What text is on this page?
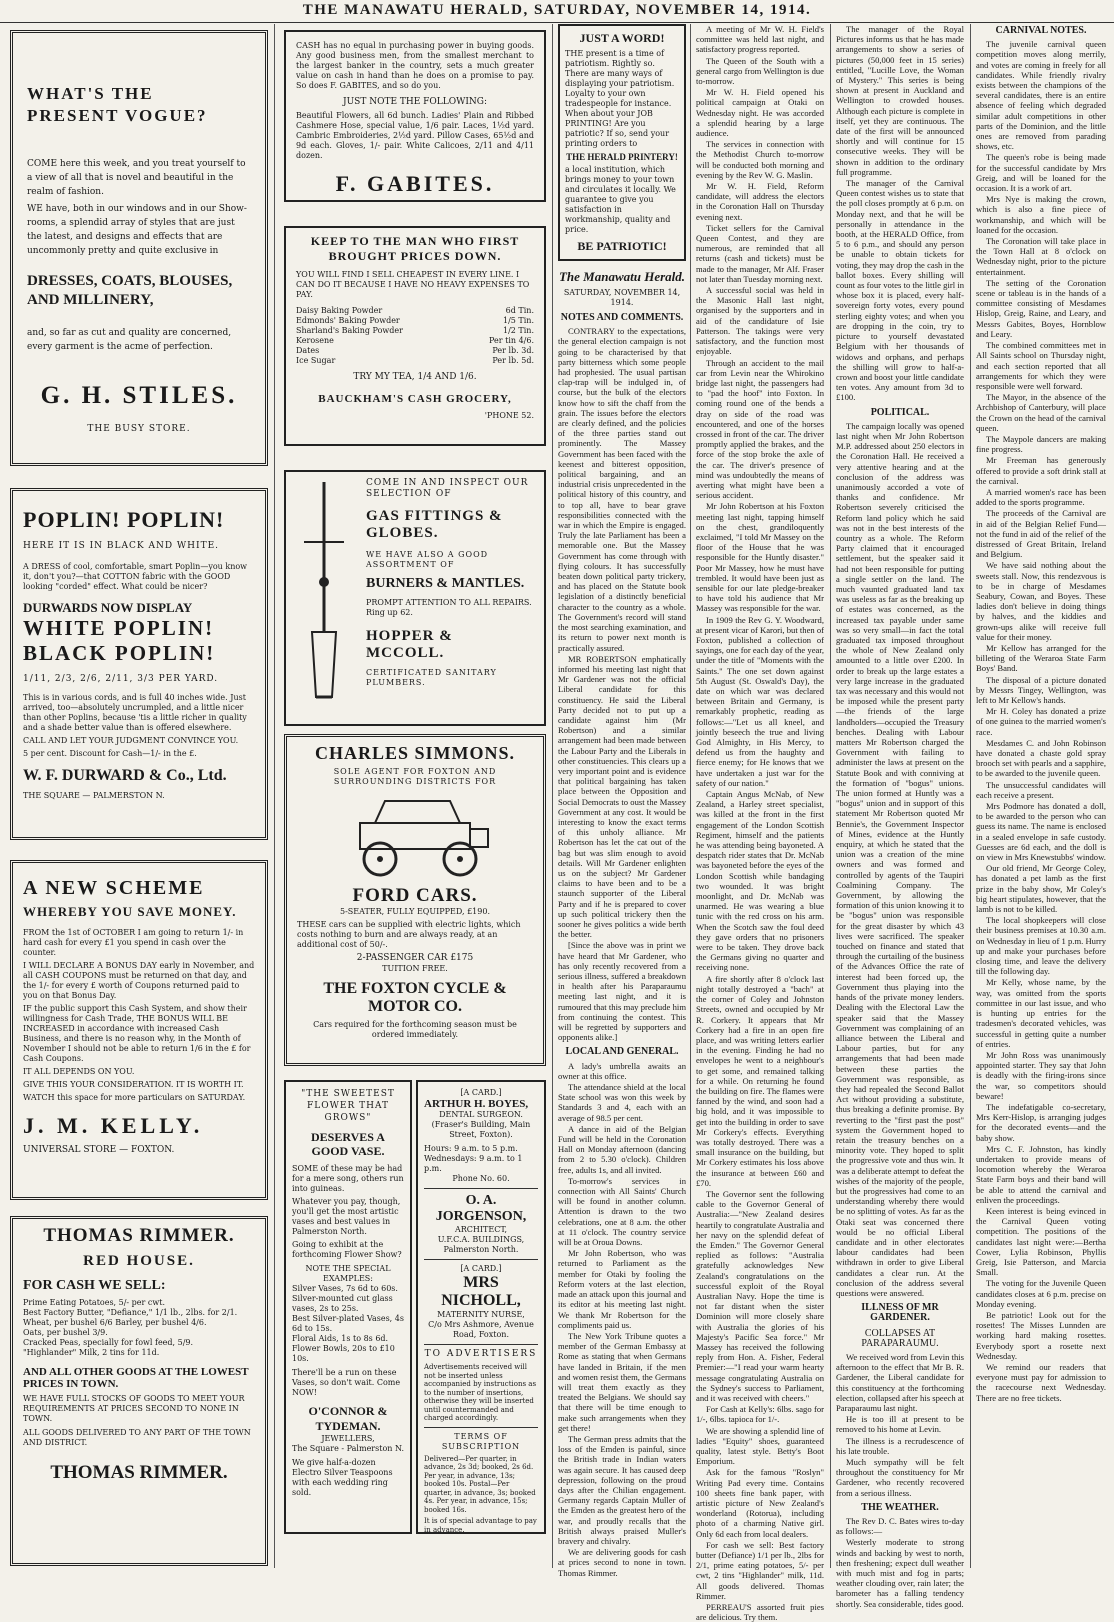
THE MANAWATU HERALD, SATURDAY, NOVEMBER 14, 1914.
WHAT'S THE PRESENT VOGUE?

COME here this week, and you treat yourself to a view of all that is novel and beautiful in the realm of fashion.

WE have, both in our windows and in our Show-rooms, a splendid array of styles that are just the latest, and designs and effects that are uncommonly pretty and quite exclusive in

DRESSES, COATS, BLOUSES, AND MILLINERY,

and, so far as cut and quality are concerned, every garment is the acme of perfection.

G. H. STILES.
THE BUSY STORE.
POPLIN! POPLIN!
HERE IT IS IN BLACK AND WHITE.

A DRESS of cool, comfortable, smart Poplin—you know it, don't you?—that COTTON fabric with the GOOD looking "corded" effect. What could be nicer?

DURWARDS NOW DISPLAY
WHITE POPLIN!
BLACK POPLIN!
1/11, 2/3, 2/6, 2/11, 3/3 PER YARD.

This is in various cords, and is full 40 inches wide. Just arrived, too—absolutely uncrumpled, and a little nicer than other Poplins, because 'tis a little richer in quality and a shade better value than is offered elsewhere.

CALL AND LET YOUR JUDGMENT CONVINCE YOU.

5 per cent. Discount for Cash—1/- in the £.

W. F. DURWARD & Co., Ltd.
THE SQUARE — PALMERSTON N.
A NEW SCHEME
WHEREBY YOU SAVE MONEY.

FROM the 1st of OCTOBER I am going to return 1/- in hard cash for every £1 you spend in cash over the counter.

I WILL DECLARE A BONUS DAY early in November, and all CASH COUPONS must be returned on that day, and the 1/- for every £ worth of Coupons returned paid to you on that Bonus Day.

IF the public support this Cash System, and show their willingness for Cash Trade, THE BONUS WILL BE INCREASED in accordance with increased Cash Business, and there is no reason why, in the Month of November I should not be able to return 1/6 in the £ for Cash Coupons.

IT ALL DEPENDS ON YOU.

GIVE THIS YOUR CONSIDERATION. IT IS WORTH IT.

WATCH this space for more particulars on SATURDAY.

J. M. KELLY.
UNIVERSAL STORE — FOXTON.
THOMAS RIMMER.
RED HOUSE.
FOR CASH WE SELL:
Prime Eating Potatoes, 5/- per cwt.
Best Factory Butter, "Defiance," 1/1 lb., 2lbs. for 2/1.
Wheat, per bushel 6/6 Barley, per bushel 4/6.
Oats, per bushel 3/9.
Cracked Peas, specially for fowl feed, 5/9.
"Highlander" Milk, 2 tins for 11d.
AND ALL OTHER GOODS AT THE LOWEST PRICES IN TOWN.
WE HAVE FULL STOCKS OF GOODS TO MEET YOUR REQUIREMENTS AT PRICES SECOND TO NONE IN TOWN.
ALL GOODS DELIVERED TO ANY PART OF THE TOWN AND DISTRICT.
THOMAS RIMMER.

CASH has no equal in purchasing power in buying goods. Any good business men, from the smallest merchant to the largest banker in the country, sets a much greater value on cash in hand than he does on a promise to pay. So does F. GABITES, and so do you.

JUST NOTE THE FOLLOWING:

Beautiful Flowers, all 6d bunch. Ladies' Plain and Ribbed Cashmere Hose, special value, 1/6 pair. Laces, 1½d yard. Cambric Embroideries, 2½d yard. Pillow Cases, 65½d and 9d each. Gloves, 1/- pair. White Calicoes, 2/11 and 4/11 dozen.

F. GABITES.
KEEP TO THE MAN WHO FIRST BROUGHT PRICES DOWN.

YOU WILL FIND I SELL CHEAPEST IN EVERY LINE. I CAN DO IT BECAUSE I HAVE NO HEAVY EXPENSES TO PAY.

Daisy Baking Powder	6d Tin.
Edmonds' Baking Powder	1/5 Tin.
Sharland's Baking Powder	1/2 Tin.
Kerosene	Per tin 4/6.
Dates	Per lb. 3d.
Ice Sugar	Per lb. 5d.
TRY MY TEA, 1/4 AND 1/6.
BAUCKHAM'S CASH GROCERY,
'PHONE 52.
COME IN AND INSPECT OUR SELECTION OF
GAS FITTINGS & GLOBES.
WE HAVE ALSO A GOOD ASSORTMENT OF
BURNERS & MANTLES.
PROMPT ATTENTION TO ALL REPAIRS.
Ring up 62.
HOPPER & MCCOLL.
CERTIFICATED SANITARY PLUMBERS.
CHARLES SIMMONS.
SOLE AGENT FOR FOXTON AND SURROUNDING DISTRICTS FOR
FORD CARS.
5-SEATER, FULLY EQUIPPED, £190.

THESE cars can be supplied with electric lights, which costs nothing to burn and are always ready, at an additional cost of 50/-.

2-PASSENGER CAR £175
TUITION FREE.
THE FOXTON CYCLE & MOTOR CO.
Cars required for the forthcoming season must be ordered immediately.
"THE SWEETEST FLOWER THAT GROWS"
DESERVES A GOOD VASE.

SOME of these may be had for a mere song, others run into guineas.

Whatever you pay, though, you'll get the most artistic vases and best values in Palmerston North.

Going to exhibit at the forthcoming Flower Show?

NOTE THE SPECIAL EXAMPLES:
Silver Vases, 7s 6d to 60s.
Silver-mounted cut glass vases, 2s to 25s.
Best Silver-plated Vases, 4s 6d to 15s.
Floral Aids, 1s to 8s 6d.
Flower Bowls, 20s to £10 10s.

There'll be a run on these Vases, so don't wait. Come NOW!

O'CONNOR & TYDEMAN.
JEWELLERS,
The Square - Palmerston N.

We give half-a-dozen Electro Silver Teaspoons with each wedding ring sold.

[A CARD.]
ARTHUR H. BOYES,
DENTAL SURGEON.
(Fraser's Building, Main Street, Foxton).
Hours: 9 a.m. to 5 p.m. Wednesdays: 9 a.m. to 1 p.m.
Phone No. 60.
O. A. JORGENSON,
ARCHITECT,
U.F.C.A. BUILDINGS,
Palmerston North.
[A CARD.]
MRS NICHOLL,
MATERNITY NURSE,
C/o Mrs Ashmore, Avenue Road, Foxton.
TO ADVERTISERS

Advertisements received will not be inserted unless accompanied by instructions as to the number of insertions, otherwise they will be inserted until countermanded and charged accordingly.

TERMS OF SUBSCRIPTION

Delivered—Per quarter, in advance, 2s 3d; booked, 2s 6d. Per year, in advance, 13s; booked 10s. Postal—Per quarter, in advance, 3s; booked 4s. Per year, in advance, 15s; booked 16s.

It is of special advantage to pay in advance.

JUST A WORD!

THE present is a time of patriotism. Rightly so. There are many ways of displaying your patriotism. Loyalty to your own tradespeople for instance. When about your JOB PRINTING! Are you patriotic? If so, send your printing orders to

THE HERALD PRINTERY!

a local institution, which brings money to your town and circulates it locally. We guarantee to give you satisfaction in workmanship, quality and price.

BE PATRIOTIC!
The Manawatu Herald.
SATURDAY, NOVEMBER 14, 1914.
NOTES AND COMMENTS.

CONTRARY to the expectations, the general election campaign is not going to be characterised by that party bitterness which some people had prophesied. The usual partisan clap-trap will be indulged in, of course, but the bulk of the electors know how to sift the chaff from the grain. The issues before the electors are clearly defined, and the policies of the three parties stand out prominently. The Massey Government has been faced with the keenest and bitterest opposition, political bargaining, and an industrial crisis unprecedented in the political history of this country, and to top all, have to bear grave responsibilities connected with the war in which the Empire is engaged. Truly the late Parliament has been a memorable one. But the Massey Government has come through with flying colours. It has successfully beaten down political party trickery, and has placed on the Statute book legislation of a distinctly beneficial character to the country as a whole. The Government's record will stand the most searching examination, and its return to power next month is practically assured.

MR ROBERTSON emphatically informed his meeting last night that Mr Gardener was not the official Liberal candidate for this constituency. He said the Liberal Party decided not to put up a candidate against him (Mr Robertson) and a similar arrangement had been made between the Labour Party and the Liberals in other constituencies. This clears up a very important point and is evidence that political bargaining has taken place between the Opposition and Social Democrats to oust the Massey Government at any cost. It would be interesting to know the exact terms of this unholy alliance. Mr Robertson has let the cat out of the bag but was slim enough to avoid details. Will Mr Gardener enlighten us on the subject? Mr Gardener claims to have been and to be a staunch supporter of the Liberal Party and if he is prepared to cover up such political trickery then the sooner he gives politics a wide berth the better.

[Since the above was in print we have heard that Mr Gardener, who has only recently recovered from a serious illness, suffered a breakdown in health after his Paraparaumu meeting last night, and it is rumoured that this may preclude him from continuing the contest. This will be regretted by supporters and opponents alike.]

LOCAL AND GENERAL.

A lady's umbrella awaits an owner at this office.

The attendance shield at the local State school was won this week by Standards 3 and 4, each with an average of 98.5 per cent.

A dance in aid of the Belgian Fund will be held in the Coronation Hall on Monday afternoon (dancing from 2 to 5.30 o'clock). Children free, adults 1s, and all invited.

To-morrow's services in connection with All Saints' Church will be found in another column. Attention is drawn to the two celebrations, one at 8 a.m. the other at 11 o'clock. The country service will be at Oroua Downs.

Mr John Robertson, who was returned to Parliament as the member for Otaki by fooling the Reform voters at the last election, made an attack upon this journal and its editor at his meeting last night. We thank Mr Robertson for the compliments paid us.

The New York Tribune quotes a member of the German Embassy at Rome as stating that when Germans have landed in Britain, if the men and women resist them, the Germans will treat them exactly as they treated the Belgians. We should say that there will be time enough to make such arrangements when they get there!

The German press admits that the loss of the Emden is painful, since the British trade in Indian waters was again secure. It has caused deep depression, following on the proud days after the Chilian engagement. Germany regards Captain Muller of the Emden as the greatest hero of the war, and proudly recalls that the British always praised Muller's bravery and chivalry.

We are delivering goods for cash at prices second to none in town. Thomas Rimmer.

A meeting of Mr W. H. Field's committee was held last night, and satisfactory progress reported.

The Queen of the South with a general cargo from Wellington is due to-morrow.

Mr W. H. Field opened his political campaign at Otaki on Wednesday night. He was accorded a splendid hearing by a large audience.

The services in connection with the Methodist Church to-morrow will be conducted both morning and evening by the Rev W. G. Maslin.

Mr W. H. Field, Reform candidate, will address the electors in the Coronation Hall on Thursday evening next.

Ticket sellers for the Carnival Queen Contest, and they are numerous, are reminded that all returns (cash and tickets) must be made to the manager, Mr Alf. Fraser not later than Tuesday morning next.

A successful social was held in the Masonic Hall last night, organised by the supporters and in aid of the candidature of Isie Patterson. The takings were very satisfactory, and the function most enjoyable.

Through an accident to the mail car from Levin near the Whirokino bridge last night, the passengers had to "pad the hoof" into Foxton. In coming round one of the bends a dray on side of the road was encountered, and one of the horses crossed in front of the car. The driver promptly applied the brakes, and the force of the stop broke the axle of the car. The driver's presence of mind was undoubtedly the means of averting what might have been a serious accident.

Mr John Robertson at his Foxton meeting last night, tapping himself on the chest, grandiloquently exclaimed, "I told Mr Massey on the floor of the House that he was responsible for the Huntly disaster." Poor Mr Massey, how he must have trembled. It would have been just as sensible for our late pledge-breaker to have told his audience that Mr Massey was responsible for the war.

In 1909 the Rev G. Y. Woodward, at present vicar of Karori, but then of Foxton, published a collection of sayings, one for each day of the year, under the title of "Moments with the Saints." The one set down against 5th August (St. Oswald's Day), the date on which war was declared between Britain and Germany, is remarkably prophetic, reading as follows:—"Let us all kneel, and jointly beseech the true and living God Almighty, in His Mercy, to defend us from the haughty and fierce enemy; for He knows that we have undertaken a just war for the safety of our nation."

Captain Angus McNab, of New Zealand, a Harley street specialist, was killed at the front in the first engagement of the London Scottish Regiment, himself and the patients he was attending being bayoneted. A despatch rider states that Dr. McNab was bayoneted before the eyes of the London Scottish while bandaging two wounded. It was bright moonlight, and Dr. McNab was unarmed. He was wearing a blue tunic with the red cross on his arm. When the Scotch saw the foul deed they gave orders that no prisoners were to be taken. They drove back the Germans giving no quarter and receiving none.

A fire shortly after 8 o'clock last night totally destroyed a "bach" at the corner of Coley and Johnston Streets, owned and occupied by Mr R. Corkery. It appears that Mr Corkery had a fire in an open fire place, and was writing letters earlier in the evening. Finding he had no envelopes he went to a neighbour's to get some, and remained talking for a while. On returning he found the building on fire. The flames were fanned by the wind, and soon had a big hold, and it was impossible to get into the building in order to save Mr Corkery's effects. Everything was totally destroyed. There was a small insurance on the building, but Mr Corkery estimates his loss above the insurance at between £60 and £70.

The Governor sent the following cable to the Governor General of Australia:—"New Zealand desires heartily to congratulate Australia and her navy on the splendid defeat of the Emden." The Governor General replied as follows: "Australia gratefully acknowledges New Zealand's congratulations on the successful exploit of the Royal Australian Navy. Hope the time is not far distant when the sister Dominion will more closely share with Australia the glories of his Majesty's Pacific Sea force." Mr Massey has received the following reply from Hon. A. Fisher, Federal Premier:—"I read your warm hearty message congratulating Australia on the Sydney's success to Parliament, and it was received with cheers."

For Cash at Kelly's: 6lbs. sago for 1/-, 6lbs. tapioca for 1/-.

We are showing a splendid line of ladies "Equity" shoes, guaranteed quality, latest style. Betty's Boot Emporium.

Ask for the famous "Roslyn" Writing Pad every time. Contains 100 sheets fine bank paper, with artistic picture of New Zealand's wonderland (Rotorua), including photo of a charming Native girl. Only 6d each from local dealers.

For cash we sell: Best factory butter (Defiance) 1/1 per lb., 2lbs for 2/1, prime eating potatoes, 5/- per cwt, 2 tins "Highlander" milk, 11d. All goods delivered. Thomas Rimmer.

PERREAU'S assorted fruit pies are delicious. Try them.

The manager of the Royal Pictures informs us that he has made arrangements to show a series of pictures (50,000 feet in 15 series) entitled, "Lucille Love, the Woman of Mystery." This series is being shown at present in Auckland and Wellington to crowded houses. Although each picture is complete in itself, yet they are continuous. The date of the first will be announced shortly and will continue for 15 consecutive weeks. They will be shown in addition to the ordinary full programme.

The manager of the Carnival Queen contest wishes us to state that the poll closes promptly at 6 p.m. on Monday next, and that he will be personally in attendance in the booth, at the HERALD Office, from 5 to 6 p.m., and should any person be unable to obtain tickets for voting, they may drop the cash in the ballot boxes. Every shilling will count as four votes to the little girl in whose box it is placed, every half-sovereign forty votes, every pound sterling eighty votes; and when you are dropping in the coin, try to picture to yourself devastated Belgium with her thousands of widows and orphans, and perhaps the shilling will grow to half-a-crown and boost your little candidate ten votes. Any amount from 3d to £100.

POLITICAL.

The campaign locally was opened last night when Mr John Robertson M.P. addressed about 250 electors in the Coronation Hall. He received a very attentive hearing and at the conclusion of the address was unanimously accorded a vote of thanks and confidence. Mr Robertson severely criticised the Reform land policy which he said was not in the best interests of the country as a whole. The Reform Party claimed that it encouraged settlement, but the speaker said it had not been responsible for putting a single settler on the land. The much vaunted graduated land tax was useless as far as the breaking up of estates was concerned, as the increased tax payable under same was so very small—in fact the total graduated tax imposed throughout the whole of New Zealand only amounted to a little over £200. In order to break up the large estates a very large increase in the graduated tax was necessary and this would not be imposed while the present party—the friends of the large landholders—occupied the Treasury benches. Dealing with Labour matters Mr Robertson charged the Government with failing to administer the laws at present on the Statute Book and with conniving at the formation of "bogus" unions. The union formed at Huntly was a "bogus" union and in support of this statement Mr Robertson quoted Mr Bennie's, the Government Inspector of Mines, evidence at the Huntly enquiry, at which he stated that the union was a creation of the mine owners and was formed and controlled by agents of the Taupiri Coalmining Company. The Government, by allowing the formation of this union knowing it to be "bogus" union was responsible for the great disaster by which 43 lives were sacrificed. The speaker touched on finance and stated that through the curtailing of the business of the Advances Office the rate of interest had been forced up, the Government thus playing into the hands of the private money lenders. Dealing with the Electoral Law the speaker said that the Massey Government was complaining of an alliance between the Liberal and Labour parties, but for any arrangements that had been made between these parties the Government was responsible, as they had repealed the Second Ballot Act without providing a substitute, thus breaking a definite promise. By reverting to the "first past the post" system the Government hoped to retain the treasury benches on a minority vote. They hoped to split the progressive vote and thus win. It was a deliberate attempt to defeat the wishes of the majority of the people, but the progressives had come to an understanding whereby there would be no splitting of votes. As far as the Otaki seat was concerned there would be no official Liberal candidate and in other electorates labour candidates had been withdrawn in order to give Liberal candidates a clear run. At the conclusion of the address several questions were answered.

ILLNESS OF MR GARDENER.
COLLAPSES AT PARAPARAUMU.

We received word from Levin this afternoon to the effect that Mr B. R. Gardener, the Liberal candidate for this constituency at the forthcoming election, collapsed after his speech at Paraparaumu last night.

He is too ill at present to be removed to his home at Levin.

The illness is a recrudescence of his late trouble.

Much sympathy will be felt throughout the constituency for Mr Gardener, who recently recovered from a serious illness.

THE WEATHER.

The Rev D. C. Bates wires to-day as follows:—

Westerly moderate to strong winds and backing by west to north, then freshening; expect dull weather with much mist and fog in parts; weather clouding over, rain later; the barometer has a falling tendency shortly. Sea considerable, tides good.

CARNIVAL NOTES.

The juvenile carnival queen competition moves along merrily, and votes are coming in freely for all candidates. While friendly rivalry exists between the champions of the several candidates, there is an entire absence of feeling which degraded similar adult competitions in other parts of the Dominion, and the little ones are removed from parading shows, etc.

The queen's robe is being made for the successful candidate by Mrs Greig, and will be loaned for the occasion. It is a work of art.

Mrs Nye is making the crown, which is also a fine piece of workmanship, and which will be loaned for the occasion.

The Coronation will take place in the Town Hall at 8 o'clock on Wednesday night, prior to the picture entertainment.

The setting of the Coronation scene or tableau is in the hands of a committee consisting of Mesdames Hislop, Greig, Raine, and Leary, and Messrs Gabites, Boyes, Hornblow and Leary.

The combined committees met in All Saints school on Thursday night, and each section reported that all arrangements for which they were responsible were well forward.

The Mayor, in the absence of the Archbishop of Canterbury, will place the Crown on the head of the carnival queen.

The Maypole dancers are making fine progress.

Mr Freeman has generously offered to provide a soft drink stall at the carnival.

A married women's race has been added to the sports programme.

The proceeds of the Carnival are in aid of the Belgian Relief Fund—not the fund in aid of the relief of the distressed of Great Britain, Ireland and Belgium.

We have said nothing about the sweets stall. Now, this rendezvous is to be in charge of Mesdames Seabury, Cowan, and Boyes. These ladies don't believe in doing things by halves, and the kiddies and grown-ups alike will receive full value for their money.

Mr Kellow has arranged for the billeting of the Weraroa State Farm Boys' Band.

The disposal of a picture donated by Messrs Tingey, Wellington, was left to Mr Kellow's hands.

Mr H. Coley has donated a prize of one guinea to the married women's race.

Mesdames C. and John Robinson have donated a chaste gold spray brooch set with pearls and a sapphire, to be awarded to the juvenile queen.

The unsuccessful candidates will each receive a present.

Mrs Podmore has donated a doll, to be awarded to the person who can guess its name. The name is enclosed in a sealed envelope in safe custody. Guesses are 6d each, and the doll is on view in Mrs Knewstubbs' window.

Our old friend, Mr George Coley, has donated a pet lamb as the first prize in the baby show, Mr Coley's big heart stipulates, however, that the lamb is not to be killed.

The local shopkeepers will close their business premises at 10.30 a.m. on Wednesday in lieu of 1 p.m. Hurry up and make your purchases before closing time, and leave the delivery till the following day.

Mr Kelly, whose name, by the way, was omitted from the sports committee in our last issue, and who is hunting up entries for the tradesmen's decorated vehicles, was successful in getting quite a number of entries.

Mr John Ross was unanimously appointed starter. They say that John is deadly with the firing-irons since the war, so competitors should beware!

The indefatigable co-secretary, Mrs Kerr-Hislop, is arranging judges for the decorated events—and the baby show.

Mrs C. F. Johnston, has kindly undertaken to provide means of locomotion whereby the Weraroa State Farm boys and their band will be able to attend the carnival and enliven the proceedings.

Keen interest is being evinced in the Carnival Queen voting competition. The positions of the candidates last night were:—Bertha Cower, Lylia Robinson, Phyllis Greig, Isie Patterson, and Marcia Small.

The voting for the Juvenile Queen candidates closes at 6 p.m. precise on Monday evening.

Be patriotic! Look out for the rosettes! The Misses Lunnden are working hard making rosettes. Everybody sport a rosette next Wednesday.

We remind our readers that everyone must pay for admission to the racecourse next Wednesday. There are no free tickets.
